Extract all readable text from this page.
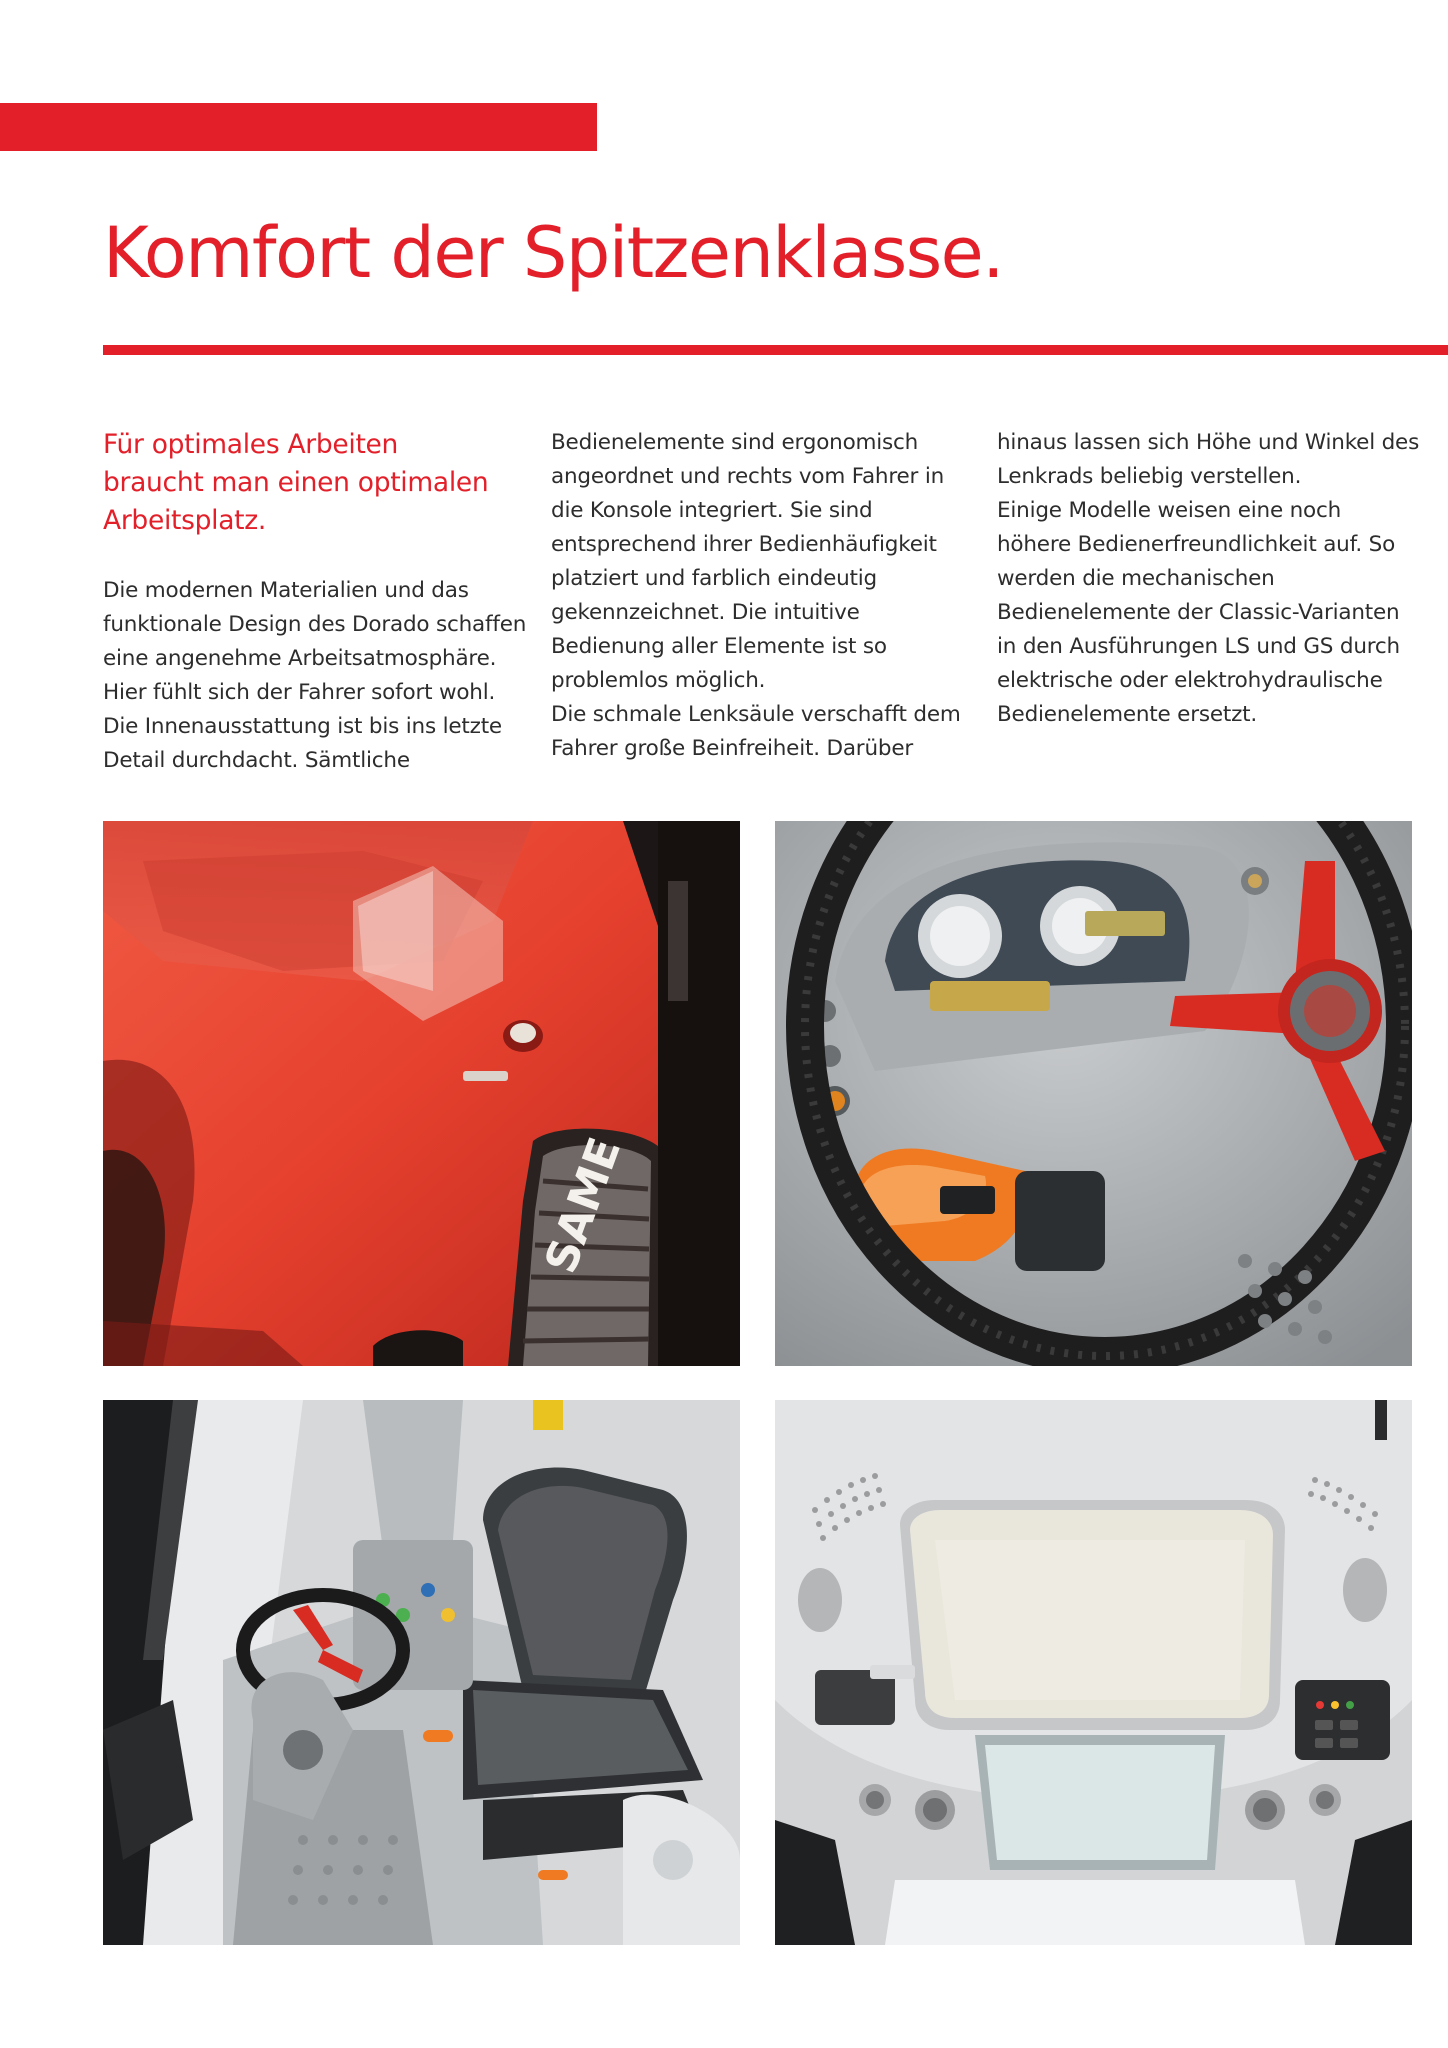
Komfort der Spitzenklasse.
Für optimales Arbeiten
braucht man einen optimalen
Arbeitsplatz.

Die modernen Materialien und das
funktionale Design des Dorado schaffen
eine angenehme Arbeitsatmosphäre.
Hier fühlt sich der Fahrer sofort wohl.
Die Innenausstattung ist bis ins letzte
Detail durchdacht. Sämtliche

Bedienelemente sind ergonomisch
angeordnet und rechts vom Fahrer in
die Konsole integriert. Sie sind
entsprechend ihrer Bedienhäufigkeit
platziert und farblich eindeutig
gekennzeichnet. Die intuitive
Bedienung aller Elemente ist so
problemlos möglich.
Die schmale Lenksäule verschafft dem
Fahrer große Beinfreiheit. Darüber

hinaus lassen sich Höhe und Winkel des
Lenkrads beliebig verstellen.
Einige Modelle weisen eine noch
höhere Bedienerfreundlichkeit auf. So
werden die mechanischen
Bedienelemente der Classic-Varianten
in den Ausführungen LS und GS durch
elektrische oder elektrohydraulische
Bedienelemente ersetzt.

SAME
